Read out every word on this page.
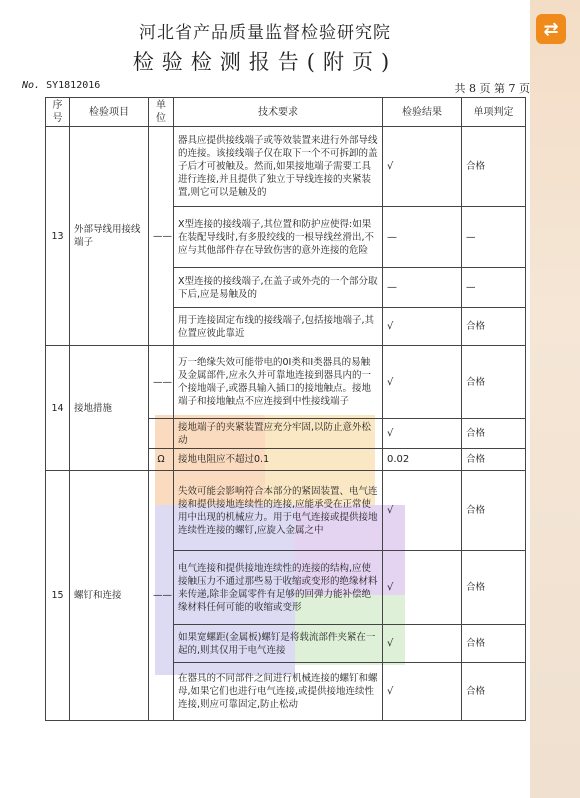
⇄
河北省产品质量监督检验研究院
检验检测报告(附页)
No. SY1812016	共 8 页 第 7 页
序号	检验项目	单位	技术要求	检验结果	单项判定
13	外部导线用接线端子	——	器具应提供接线端子或等效装置来进行外部导线的连接。该接线端子仅在取下一个不可拆卸的盖子后才可被触及。然而,如果接地端子需要工具进行连接,并且提供了独立于导线连接的夹紧装置,则它可以是触及的	√	合格
			X型连接的接线端子,其位置和防护应使得:如果在装配导线时,有多股绞线的一根导线丝滑出,不应与其他部件存在导致伤害的意外连接的危险	—	—
			X型连接的接线端子,在盖子或外壳的一个部分取下后,应是易触及的	—	—
			用于连接固定布线的接线端子,包括接地端子,其位置应彼此靠近	√	合格
14	接地措施	——	万一绝缘失效可能带电的0Ⅰ类和Ⅰ类器具的易触及金属部件,应永久并可靠地连接到器具内的一个接地端子,或器具输入插口的接地触点。接地端子和接地触点不应连接到中性接线端子	√	合格
			接地端子的夹紧装置应充分牢固,以防止意外松动	√	合格
		Ω	接地电阻应不超过0.1	0.02	合格
15	螺钉和连接	——	失效可能会影响符合本部分的紧固装置、电气连接和提供接地连续性的连接,应能承受在正常使用中出现的机械应力。用于电气连接或提供接地连续性连接的螺钉,应旋入金属之中	√	合格
			电气连接和提供接地连续性的连接的结构,应使接触压力不通过那些易于收缩或变形的绝缘材料来传递,除非金属零件有足够的回弹力能补偿绝缘材料任何可能的收缩或变形	√	合格
			如果宽螺距(金属板)螺钉是将载流部件夹紧在一起的,则其仅用于电气连接	√	合格
			在器具的不同部件之间进行机械连接的螺钉和螺母,如果它们也进行电气连接,或提供接地连续性连接,则应可靠固定,防止松动	√	合格
